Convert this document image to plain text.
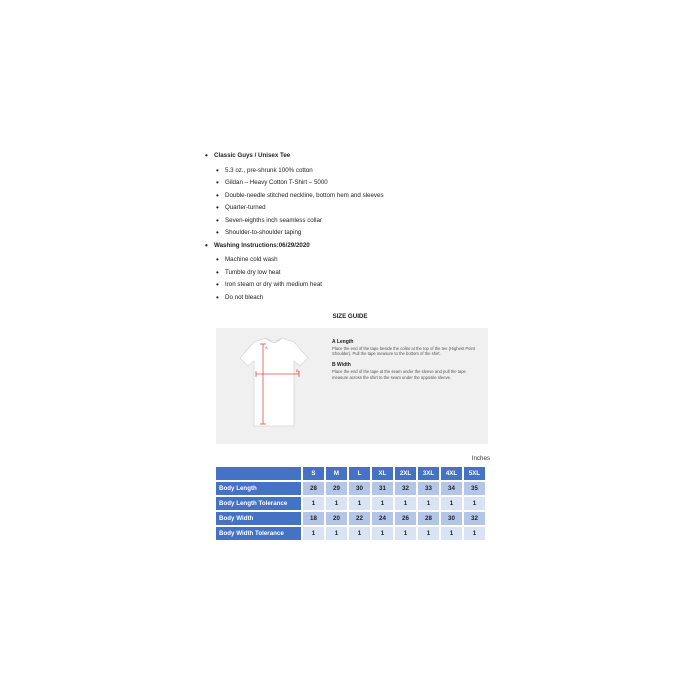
• Classic Guys / Unisex Tee
• 5.3 oz., pre-shrunk 100% cotton
• Gildan – Heavy Cotton T-Shirt – 5000
• Double-needle stitched neckline, bottom hem and sleeves
• Quarter-turned
• Seven-eighths inch seamless collar
• Shoulder-to-shoulder taping
• Washing Instructions:06/29/2020
• Machine cold wash
• Tumble dry low heat
• Iron steam or dry with medium heat
• Do not bleach
SIZE GUIDE
A
B
A Length

Place the end of the tape beside the collar at the top of the tee (Highest Point Shoulder). Pull the tape measure to the bottom of the shirt.

B Width

Place the end of the tape at the seam under the sleeve and pull the tape measure across the shirt to the seam under the opposite sleeve.

Inches
	S	M	L	XL	2XL	3XL	4XL	5XL
Body Length	28	29	30	31	32	33	34	35
Body Length Tolerance	1	1	1	1	1	1	1	1
Body Width	18	20	22	24	26	28	30	32
Body Width Tolerance	1	1	1	1	1	1	1	1
